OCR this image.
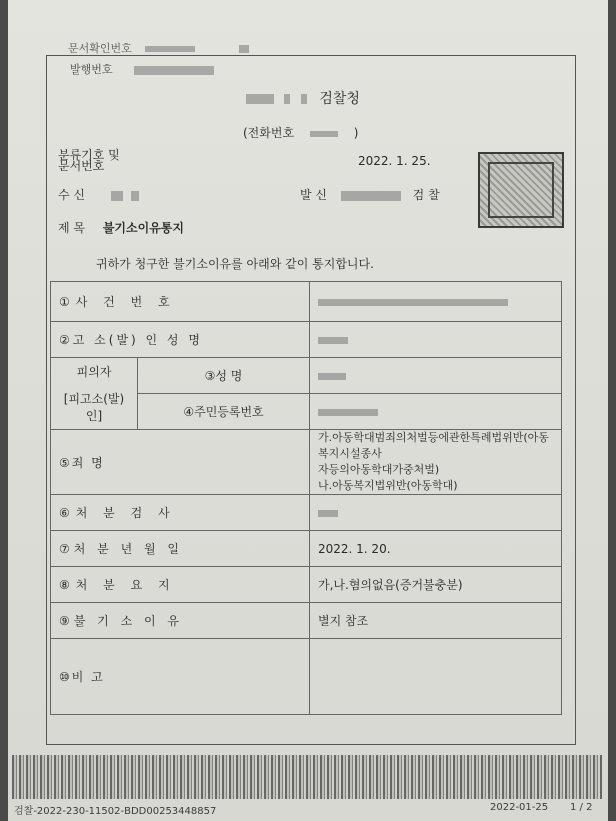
문서확인번호
발행번호
검찰청
(전화번호	)
분류기호 및
문서번호	2022. 1. 25.
수 신	발 신	검 찰
제 목 불기소이유통지
귀하가 청구한 불기소이유를 아래와 같이 통지합니다.
①사 건 번 호		
②고 소(발) 인 성 명		

피의자
[피고소(발)인]	③성 명	
	④주민등록번호	
⑤죄 명		가.아동학대범죄의처벌등에관한특례법위반(아동복지시설종사
자등의아동학대가중처벌)
나.아동복지법위반(아동학대)

⑥처 분 검 사		
⑦처 분 년 월 일		2022. 1. 20.
⑧처 분 요 지		가,나.혐의없음(증거불충분)
⑨불 기 소 이 유		별지 참조
⑩비 고		
검찰-2022-230-11502-BDD00253448857	2022-01-25 1 / 2
